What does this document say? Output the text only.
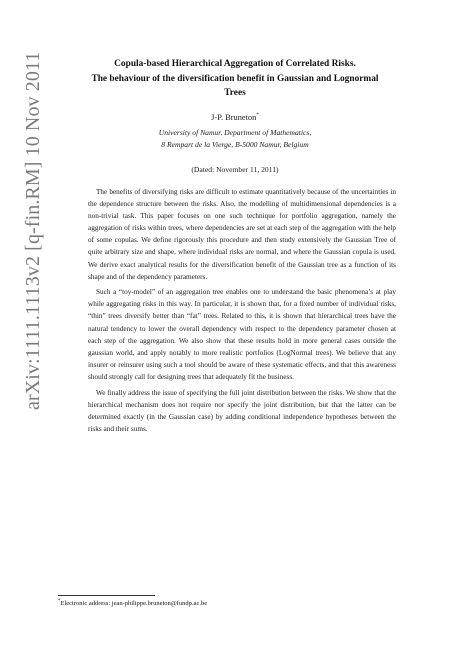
arXiv:1111.1113v2 [q-fin.RM] 10 Nov 2011	Copula-based Hierarchical Aggregation of Correlated Risks.
The behaviour of the diversification benefit in Gaussian and Lognormal
Trees
J-P. Bruneton*
University of Namur, Department of Mathematics,
8 Rempart de la Vierge, B-5000 Namur, Belgium
(Dated: November 11, 2011)

The benefits of diversifying risks are difficult to estimate quantitatively because of the uncertainties in the dependence structure between the risks. Also, the modelling of multidimensional dependencies is a non-trivial task. This paper focuses on one such technique for portfolio aggregation, namely the aggregation of risks within trees, where dependencies are set at each step of the aggregation with the help of some copulas. We define rigorously this procedure and then study extensively the Gaussian Tree of quite arbitrary size and shape, where individual risks are normal, and where the Gaussian copula is used. We derive exact analytical results for the diversification benefit of the Gaussian tree as a function of its shape and of the dependency parameters.

Such a “toy-model” of an aggregation tree enables one to understand the basic phenomena’s at play while aggregating risks in this way. In particular, it is shown that, for a fixed number of individual risks, “thin” trees diversify better than “fat” trees. Related to this, it is shown that hierarchical trees have the natural tendency to lower the overall dependency with respect to the dependency parameter chosen at each step of the aggregation. We also show that these results hold in more general cases outside the gaussian world, and apply notably to more realistic portfolios (LogNormal trees). We believe that any insurer or reinsurer using such a tool should be aware of these systematic effects, and that this awareness should strongly call for designing trees that adequately fit the business.

We finally address the issue of specifying the full joint distribution between the risks. We show that the hierarchical mechanism does not require nor specify the joint distribution, but that the latter can be determined exactly (in the Gaussian case) by adding conditional independence hypotheses between the risks and their sums.

*Electronic address: jean-philippe.bruneton@fundp.ac.be
